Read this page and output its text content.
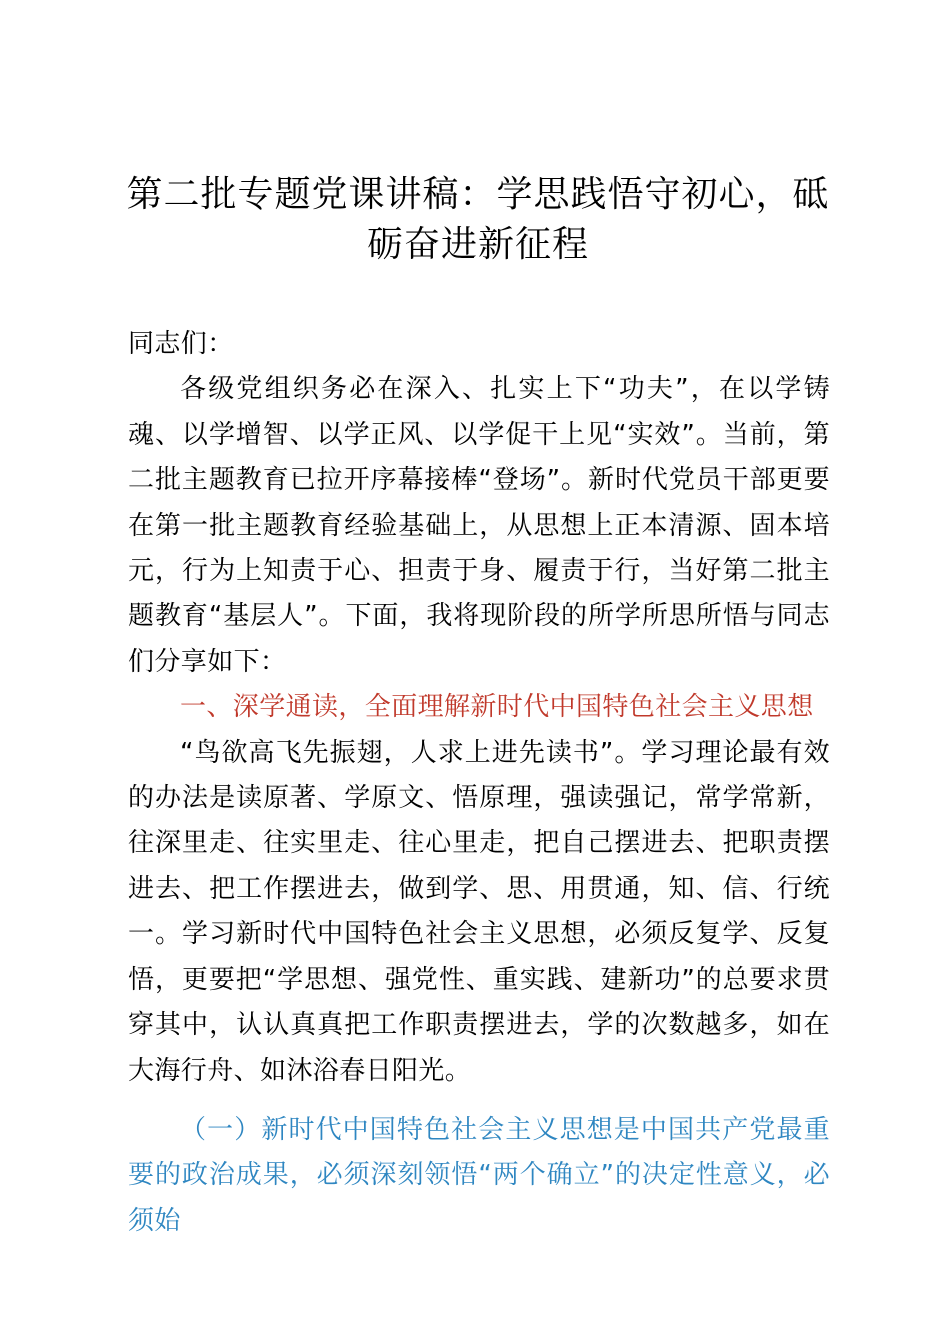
第二批专题党课讲稿：学思践悟守初心，砥砺奋进新征程

同志们：

各级党组织务必在深入、扎实上下“功夫”，在以学铸魂、以学增智、以学正风、以学促干上见“实效”。当前，第二批主题教育已拉开序幕接棒“登场”。新时代党员干部更要在第一批主题教育经验基础上，从思想上正本清源、固本培元，行为上知责于心、担责于身、履责于行，当好第二批主题教育“基层人”。下面，我将现阶段的所学所思所悟与同志们分享如下：

一、深学通读，全面理解新时代中国特色社会主义思想

“鸟欲高飞先振翅，人求上进先读书”。学习理论最有效的办法是读原著、学原文、悟原理，强读强记，常学常新，往深里走、往实里走、往心里走，把自己摆进去、把职责摆进去、把工作摆进去，做到学、思、用贯通，知、信、行统一。学习新时代中国特色社会主义思想，必须反复学、反复悟，更要把“学思想、强党性、重实践、建新功”的总要求贯穿其中，认认真真把工作职责摆进去，学的次数越多，如在大海行舟、如沐浴春日阳光。

（一）新时代中国特色社会主义思想是中国共产党最重要的政治成果，必须深刻领悟“两个确立”的决定性意义，必须始
